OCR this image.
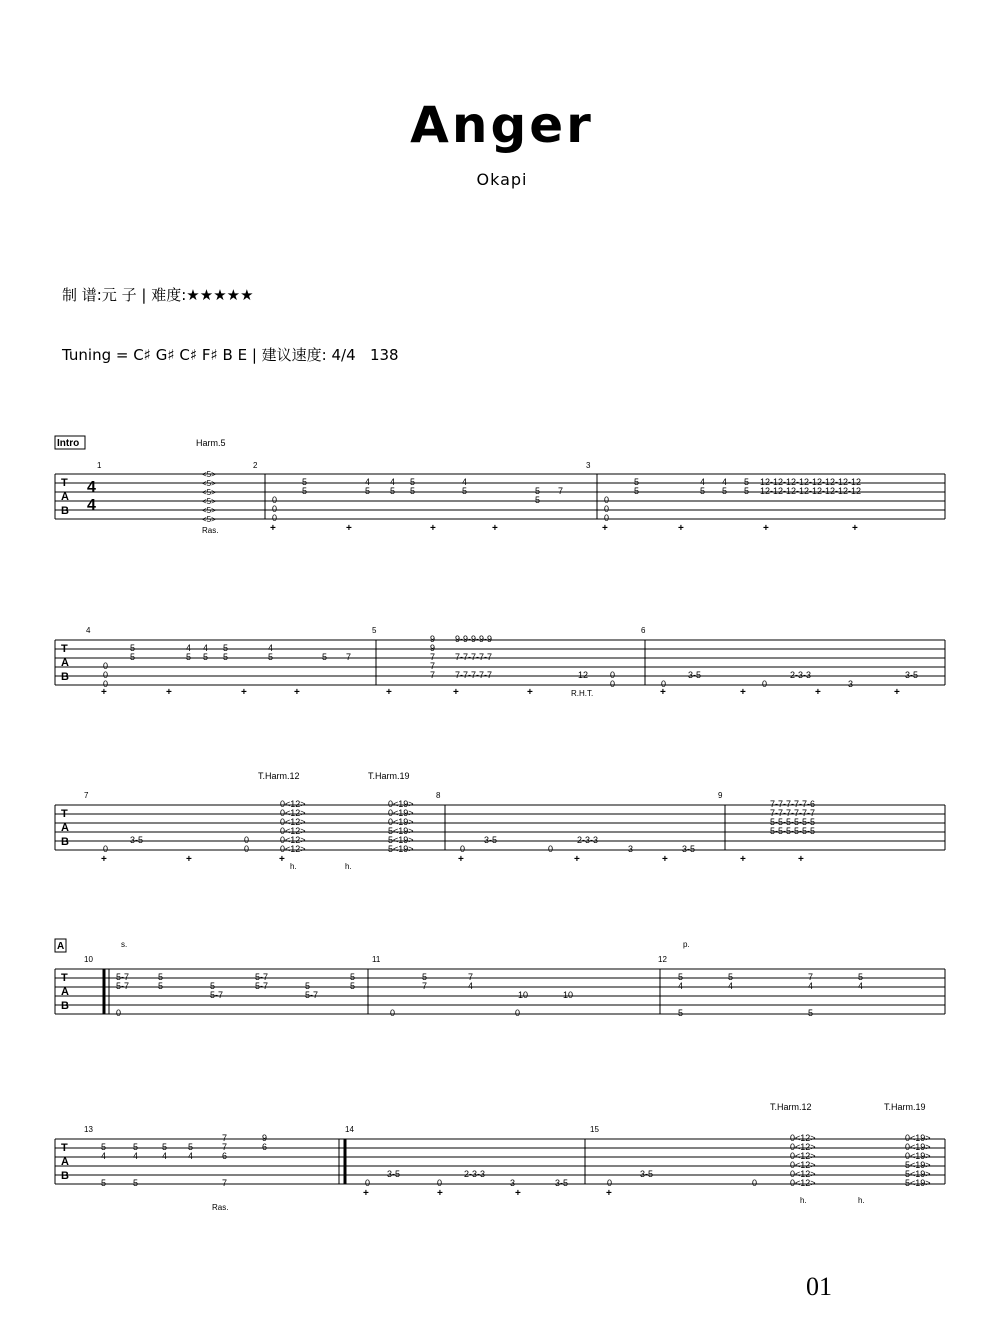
Anger
Okapi
制 谱:元 子 | 难度:★★★★★
Tuning = C♯ G♯ C♯ F♯ B E | 建议速度: 4/4 138
Intro
T
A
B
4
4
1	2	3
Harm.5
Ras.
<5>
<5>
<5>
<5>
<5>
<5>
0
0
0
5
5
4
5
4
5
5
5
4
5	5
5
7
0
0
0
5
5
4
5
4
5
5
5
12-12-12-12-12-12-12-12
12-12-12-12-12-12-12-12
+	+	+	+	+	+	+	+
T
A
B
4	5	6
R.H.T.
0
0
0
5
5
4
5
4
5
5
5
4
5	5 7
9
9
7
7
7
9-9-9-9-9
7-7-7-7-7
7-7-7-7-7	12 0
0	0
3-5
0
2-3-3
3
3-5
+	+	+	+	+	+	+	+	+	+	+
T
A
B
7	8	9
T.Harm.12	T.Harm.19
0
3-5	0
0
0<12>
0<12>
0<12>
0<12>
0<12>
0<12>
0<19>
0<19>
0<19>
5<19>
5<19>
5<19>	0
3-5
0
2-3-3
3	3-5
7-7-7-7-7-6
7-7-7-7-7-7
5-5-5-5-5-5
5-5-5-5-5-5
h.	h.
+	+	+	+	+	+	+	+
A
T
A
B
10	11	12
s.	p.
5-7
5-7
0
5
5	5
5-7
5-7
5-7	5
5-7
5
5
5
7
7
4
10	10
5
4
5
4
7
4
5
4
0	0	5	5
T
A
B
13	14	15
T.Harm.12	T.Harm.19
Ras.
5
4
5
5
4
5
5
4
5
4
7
7
6
7
9
6
0
3-5
0
2-3-3
3	3-5	0
3-5
0
0<12>
0<12>
0<12>
0<12>
0<12>
0<12>
0<19>
0<19>
0<19>
5<19>
5<19>
5<19>
h.	h.
+	+	+	+
01
